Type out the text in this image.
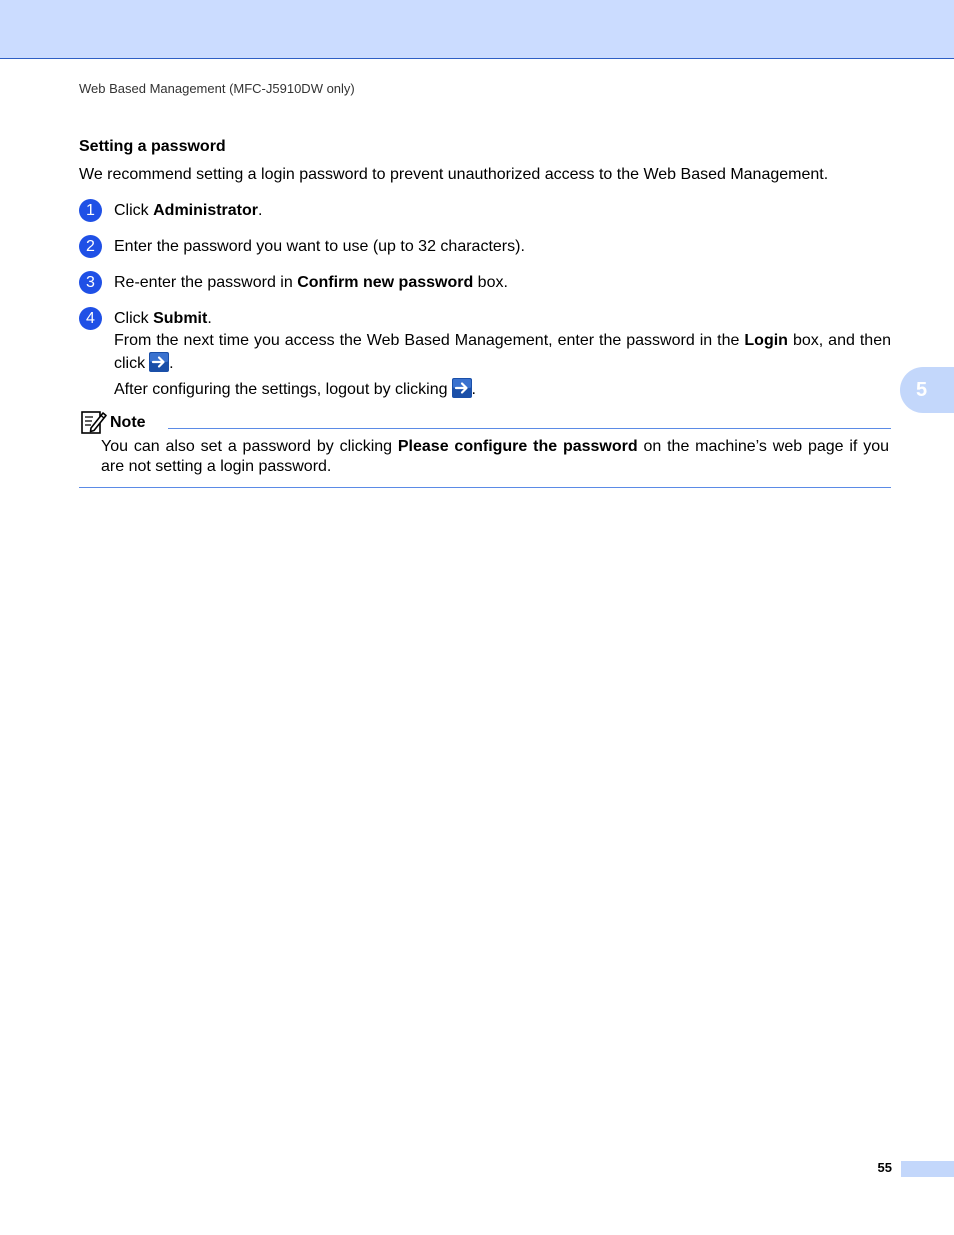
Web Based Management (MFC-J5910DW only)
Setting a password
We recommend setting a login password to prevent unauthorized access to the Web Based Management.
1	Click Administrator.
2	Enter the password you want to use (up to 32 characters).
3	Re-enter the password in Confirm new password box.
4	Click Submit.
From the next time you access the Web Based Management, enter the password in the Login box, and then click .
After configuring the settings, logout by clicking .	5
Note
You can also set a password by clicking Please configure the password on the machine’s web page if you are not setting a login password.
55
